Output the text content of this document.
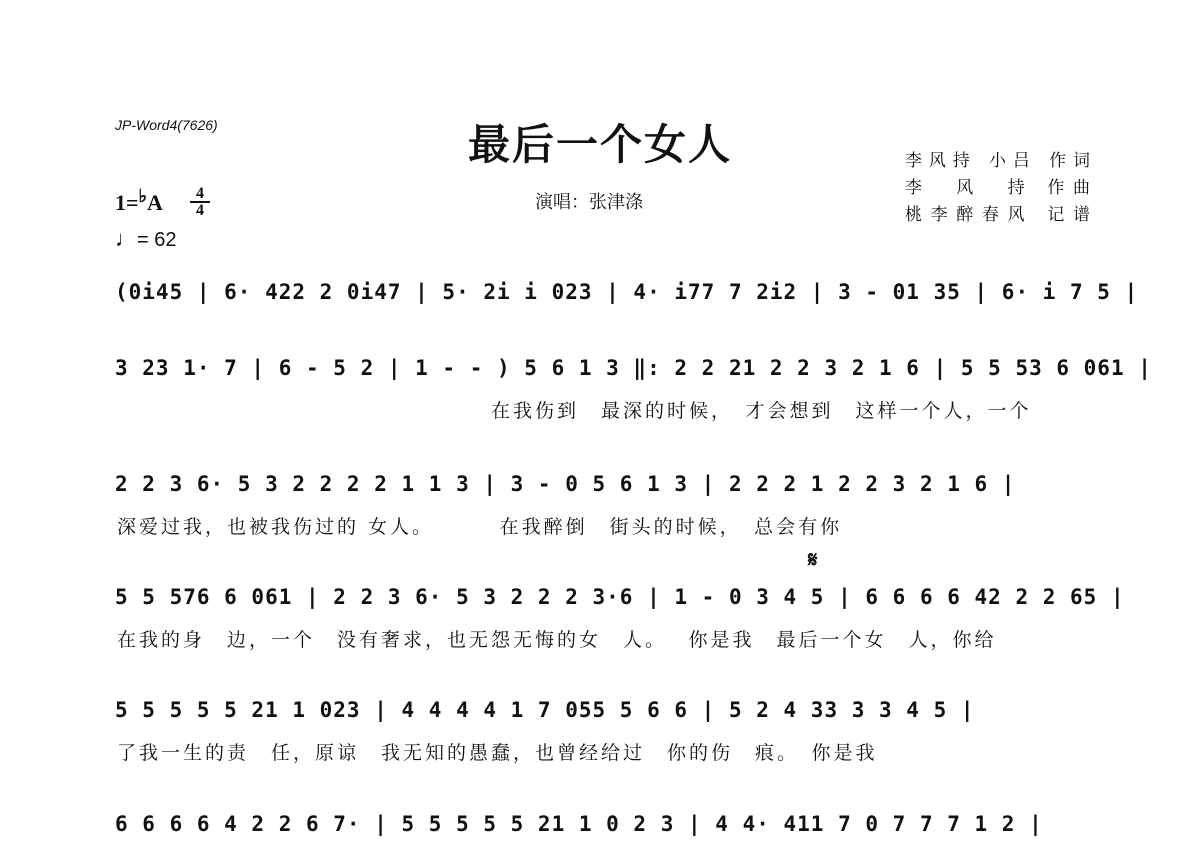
JP-Word4(7626)	最后一个女人
演唱：张津涤
李风持 小吕 作词
李　风　持 作曲
桃李醉春风 记谱
1=♭A	4
4
♩= 62
(0i45 | 6· 422 2 0i47 | 5· 2i i 023 | 4· i77 7 2i2 | 3 - 01 35 | 6· i 7 5 |
3 23 1· 7 | 6 - 5 2 | 1 - - ) 5 6 1 3 ‖: 2 2 21 2 2 3 2 1 6 | 5 5 53 6 061 |
　　　　　　　　　　　　　　　　　在我伤到　最深的时候，　才会想到　这样一个人，一个
2 2 3 6· 5 3 2 2 2 2 1 1 3 | 3 - 0 5 6 1 3 | 2 2 2 1 2 2 3 2 1 6 |
深爱过我，也被我伤过的 女人。　　　 在我醉倒　街头的时候，　总会有你
𝄋
5 5 576 6 061 | 2 2 3 6· 5 3 2 2 2 3·6 | 1 - 0 3 4 5 | 6 6 6 6 42 2 2 65 |
在我的身　边，一个　没有奢求，也无怨无悔的女　人。　 你是我　最后一个女　人，你给
5 5 5 5 5 21 1 023 | 4 4 4 4 1 7 055 5 6 6 | 5 2 4 33 3 3 4 5 |
了我一生的责　任，原谅　我无知的愚蠢，也曾经给过　你的伤　痕。　你是我
6 6 6 6 4 2 2 6 7· | 5 5 5 5 5 21 1 0 2 3 | 4 4· 411 7 0 7 7 7 1 2 |
